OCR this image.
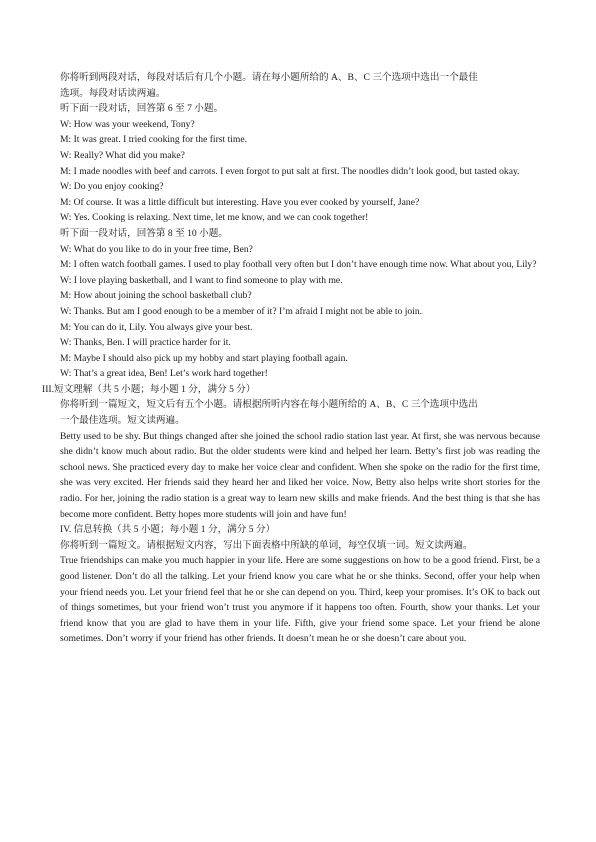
你将听到两段对话，每段对话后有几个小题。请在每小题所给的 A、B、C 三个选项中选出一个最佳
选项。每段对话读两遍。
听下面一段对话，回答第 6 至 7 小题。
W: How was your weekend, Tony?
M: It was great. I tried cooking for the first time.
W: Really? What did you make?
M: I made noodles with beef and carrots. I even forgot to put salt at first. The noodles didn’t look good, but tasted okay.
W: Do you enjoy cooking?
M: Of course. It was a little difficult but interesting. Have you ever cooked by yourself, Jane?
W: Yes. Cooking is relaxing. Next time, let me know, and we can cook together!
听下面一段对话，回答第 8 至 10 小题。
W: What do you like to do in your free time, Ben?
M: I often watch football games. I used to play football very often but I don’t have enough time now. What about you, Lily?
W: I love playing basketball, and I want to find someone to play with me.
M: How about joining the school basketball club?
W: Thanks. But am I good enough to be a member of it? I’m afraid I might not be able to join.
M: You can do it, Lily. You always give your best.
W: Thanks, Ben. I will practice harder for it.
M: Maybe I should also pick up my hobby and start playing football again.
W: That’s a great idea, Ben! Let’s work hard together!
III.短文理解（共 5 小题；每小题 1 分，满分 5 分）
你将听到一篇短文，短文后有五个小题。请根据所听内容在每小题所给的 A、B、C 三个选项中选出
一个最佳选项。短文读两遍。
Betty used to be shy. But things changed after she joined the school radio station last year. At first, she was nervous because she didn’t know much about radio. But the older students were kind and helped her learn. Betty’s first job was reading the school news. She practiced every day to make her voice clear and confident. When she spoke on the radio for the first time, she was very excited. Her friends said they heard her and liked her voice. Now, Betty also helps write short stories for the radio. For her, joining the radio station is a great way to learn new skills and make friends. And the best thing is that she has become more confident. Betty hopes more students will join and have fun!
IV. 信息转换（共 5 小题；每小题 1 分，满分 5 分）
你将听到一篇短文。请根据短文内容，写出下面表格中所缺的单词，每空仅填一词。短文读两遍。
True friendships can make you much happier in your life. Here are some suggestions on how to be a good friend. First, be a good listener. Don’t do all the talking. Let your friend know you care what he or she thinks. Second, offer your help when your friend needs you. Let your friend feel that he or she can depend on you. Third, keep your promises. It’s OK to back out of things sometimes, but your friend won’t trust you anymore if it happens too often. Fourth, show your thanks. Let your friend know that you are glad to have them in your life. Fifth, give your friend some space. Let your friend be alone sometimes. Don’t worry if your friend has other friends. It doesn’t mean he or she doesn’t care about you.
